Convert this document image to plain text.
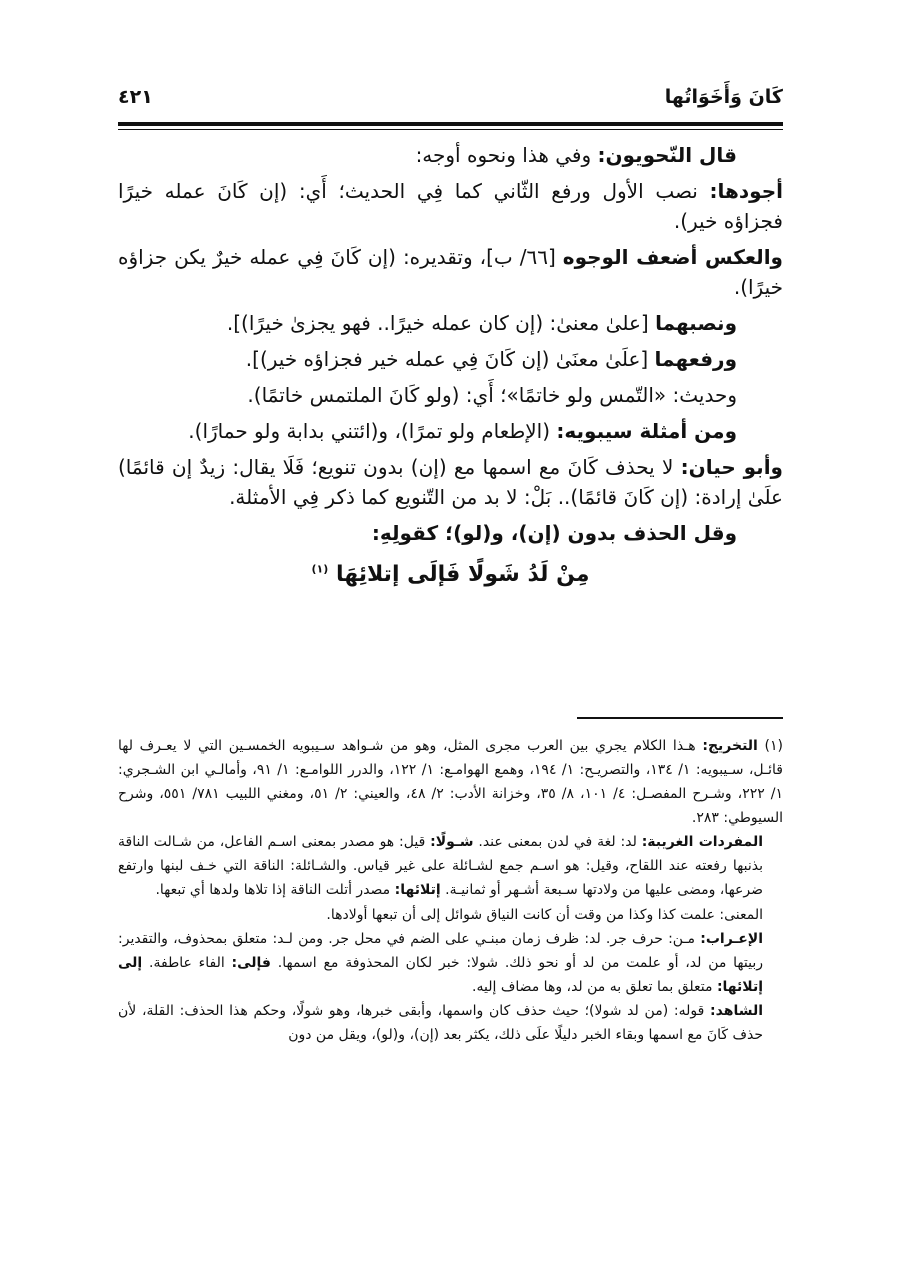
كَانَ وَأَخَوَاتُها
٤٢١

قال النّحويون: وفي هذا ونحوه أوجه:

أجودها: نصب الأول ورفع الثّاني كما فِي الحديث؛ أَي: (إن كَانَ عمله خيرًا فجزاؤه خير).

والعكس أضعف الوجوه [٦٦/ ب]، وتقديره: (إن كَانَ فِي عمله خيرٌ يكن جزاؤه خيرًا).

ونصبهما [علىٰ معنىٰ: (إن كان عمله خيرًا.. فهو يجزىٰ خيرًا)].

ورفعهما [علَىٰ معنَىٰ (إن كَانَ فِي عمله خير فجزاؤه خير)].

وحديث: «التّمس ولو خاتمًا»؛ أَي: (ولو كَانَ الملتمس خاتمًا).

ومن أمثلة سيبويه: (الإطعام ولو تمرًا)، و(ائتني بدابة ولو حمارًا).

وأبو حيان: لا يحذف كَانَ مع اسمها مع (إن) بدون تنويع؛ فَلَا يقال: زيدٌ إن قائمًا) علَىٰ إرادة: (إن كَانَ قائمًا).. بَلْ: لا بد من التّنويع كما ذكر فِي الأمثلة.

وقل الحذف بدون (إن)، و(لو)؛ كقولِهِ:

مِنْ لَدُ شَولًا فَإلَى إتلائِهَا $^{(١)}$

(١) التخريج: هـذا الكلام يجري بين العرب مجرى المثل، وهو من شـواهد سـيبويه الخمسـين التي لا يعـرف لها قائـل، سـيبويه: ١/ ١٣٤، والتصريـح: ١/ ١٩٤، وهمع الهوامـع: ١/ ١٢٢، والدرر اللوامـع: ١/ ٩١، وأمالـي ابن الشـجري: ١/ ٢٢٢، وشـرح المفصـل: ٤/ ١٠١، ٨/ ٣٥، وخزانة الأدب: ٢/ ٤٨، والعيني: ٢/ ٥١، ومغني اللبيب ٧٨١/ ٥٥١، وشرح السيوطي: ٢٨٣.

المفردات الغريبة: لد: لغة في لدن بمعنى عند. شـولًا: قيل: هو مصدر بمعنى اسـم الفاعل، من شـالت الناقة بذنبها رفعته عند اللقاح، وقيل: هو اسـم جمع لشـائلة على غير قياس. والشـائلة: الناقة التي خـف لبنها وارتفع ضرعها، ومضى عليها من ولادتها سـبعة أشـهر أو ثمانيـة. إتلائها: مصدر أتلت الناقة إذا تلاها ولدها أي تبعها.

المعنى: علمت كذا وكذا من وقت أن كانت النياق شوائل إلى أن تبعها أولادها.

الإعـراب: مـن: حرف جر. لد: ظرف زمان مبنـي على الضم في محل جر. ومن لـد: متعلق بمحذوف، والتقدير: ربيتها من لد، أو علمت من لد أو نحو ذلك. شولا: خبر لكان المحذوفة مع اسمها. فإلى: الفاء عاطفة. إلى إتلائها: متعلق بما تعلق به من لد، وها مضاف إليه.

الشاهد: قوله: (من لد شولا)؛ حيث حذف كان واسمها، وأبقى خبرها، وهو شولًا، وحكم هذا الحذف: القلة، لأن حذف كَانَ مع اسمها وبقاء الخبر دليلًا علَى ذلك، يكثر بعد (إن)، و(لو)، ويقل من دون
